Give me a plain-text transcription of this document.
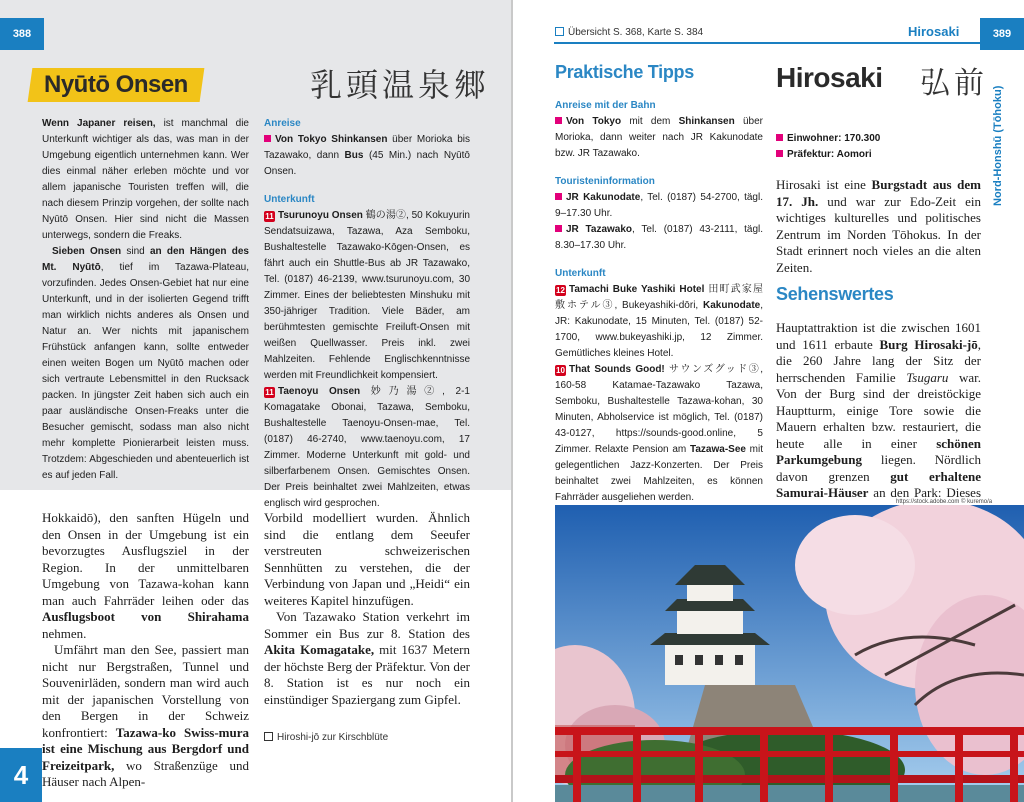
388
Nyūtō Onsen	乳頭温泉郷

Wenn Japaner reisen, ist manchmal die Unterkunft wichtiger als das, was man in der Umgebung eigentlich unternehmen kann. Wer dies einmal näher erleben möchte und vor allem japanische Touristen treffen will, die nach diesem Prinzip vorgehen, der sollte nach Nyūtō Onsen. Hier sind nicht die Massen unterwegs, sondern die Freaks.

Sieben Onsen sind an den Hängen des Mt. Nyūtō, tief im Tazawa-Plateau, vorzufinden. Jedes Onsen-Gebiet hat nur eine Unterkunft, und in der isolierten Gegend trifft man wirklich nichts anderes als Onsen und Natur an. Wer nichts mit japanischem Frühstück anfangen kann, sollte entweder einen weiten Bogen um Nyūtō machen oder sich vertraute Lebensmittel in den Rucksack packen. In jüngster Zeit haben sich auch ein paar ausländische Onsen-Freaks unter die Besucher gemischt, sodass man also nicht mehr komplette Pionierarbeit leisten muss. Trotzdem: Abgeschieden und abenteuerlich ist es auf jeden Fall.

Anreise

Von Tokyo Shinkansen über Morioka bis Tazawako, dann Bus (45 Min.) nach Nyūtō Onsen.

Unterkunft

11 Tsurunoyu Onsen 鶴の湯②, 50 Kokuyurin Sendatsuizawa, Tazawa, Aza Semboku, Bushaltestelle Tazawako-Kōgen-Onsen, es fährt auch ein Shuttle-Bus ab JR Tazawako, Tel. (0187) 46-2139, www.tsurunoyu.com, 30 Zimmer. Eines der beliebtesten Minshuku mit 350-jähriger Tradition. Viele Bäder, am berühmtesten gemischte Freiluft-Onsen mit weißen Quellwasser. Preis inkl. zwei Mahlzeiten. Fehlende Englischkenntnisse werden mit Freundlichkeit kompensiert.

11 Taenoyu Onsen 妙乃湯②, 2-1 Komagatake Obonai, Tazawa, Semboku, Bushaltestelle Taenoyu-Onsen-mae, Tel. (0187) 46-2740, www.taenoyu.com, 17 Zimmer. Moderne Unterkunft mit gold- und silberfarbenem Onsen. Gemischtes Onsen. Der Preis beinhaltet zwei Mahlzeiten, etwas englisch wird gesprochen.

Hokkaidō), den sanften Hügeln und den Onsen in der Umgebung ist ein bevorzugtes Ausflugsziel in der Region. In der unmittelbaren Umgebung von Tazawa-kohan kann man auch Fahrräder leihen oder das Ausflugsboot von Shirahama nehmen.

Umfährt man den See, passiert man nicht nur Bergstraßen, Tunnel und Souvenirläden, sondern man wird auch mit der japanischen Vorstellung von den Bergen in der Schweiz konfrontiert: Tazawa-ko Swiss-mura ist eine Mischung aus Bergdorf und Freizeitpark, wo Straßenzüge und Häuser nach Alpen-

Vorbild modelliert wurden. Ähnlich sind die entlang dem Seeufer verstreuten schweizerischen Sennhütten zu verstehen, die der Verbindung von Japan und „Heidi“ ein weiteres Kapitel hinzufügen.

Von Tazawako Station verkehrt im Sommer ein Bus zur 8. Station des Akita Komagatake, mit 1637 Metern der höchste Berg der Präfektur. Von der 8. Station ist es nur noch ein einstündiger Spaziergang zum Gipfel.

Hiroshi-jō zur Kirschblüte
4
Übersicht S. 368, Karte S. 384	Hirosaki	389
Nord-Honshū (Tōhoku)
Praktische Tipps
Anreise mit der Bahn

Von Tokyo mit dem Shinkansen über Morioka, dann weiter nach JR Kakunodate bzw. JR Tazawako.

Touristeninformation

JR Kakunodate, Tel. (0187) 54-2700, tägl. 9–17.30 Uhr.

JR Tazawako, Tel. (0187) 43-2111, tägl. 8.30–17.30 Uhr.

Unterkunft

12 Tamachi Buke Yashiki Hotel 田町武家屋敷ホテル③, Bukeyashiki-dōri, Kakunodate, JR: Kakunodate, 15 Minuten, Tel. (0187) 52-1700, www.bukeyashiki.jp, 12 Zimmer. Gemütliches kleines Hotel.

10 That Sounds Good! サウンズグッド③, 160-58 Katamae-Tazawako Tazawa, Semboku, Bushaltestelle Tazawa-kohan, 30 Minuten, Abholservice ist möglich, Tel. (0187) 43-0127, https://sounds-good.online, 5 Zimmer. Relaxte Pension am Tazawa-See mit gelegentlichen Jazz-Konzerten. Der Preis beinhaltet zwei Mahlzeiten, es können Fahrräder ausgeliehen werden.

Hirosaki 弘前
Einwohner: 170.300
Präfektur: Aomori

Hirosaki ist eine Burgstadt aus dem 17. Jh. und war zur Edo-Zeit ein wichtiges kulturelles und politisches Zentrum im Norden Tōhokus. In der Stadt erinnert noch vieles an die alten Zeiten.

Sehenswertes

Hauptattraktion ist die zwischen 1601 und 1611 erbaute Burg Hirosaki-jō, die 260 Jahre lang der Sitz der herrschenden Familie Tsugaru war. Von der Burg sind der dreistöckige Hauptturm, einige Tore sowie die Mauern erhalten bzw. restauriert, die heute alle in einer schönen Parkumgebung liegen. Nördlich davon grenzen gut erhaltene Samurai-Häuser an den Park: Dieses

https://stock.adobe.com © kuremo/a
